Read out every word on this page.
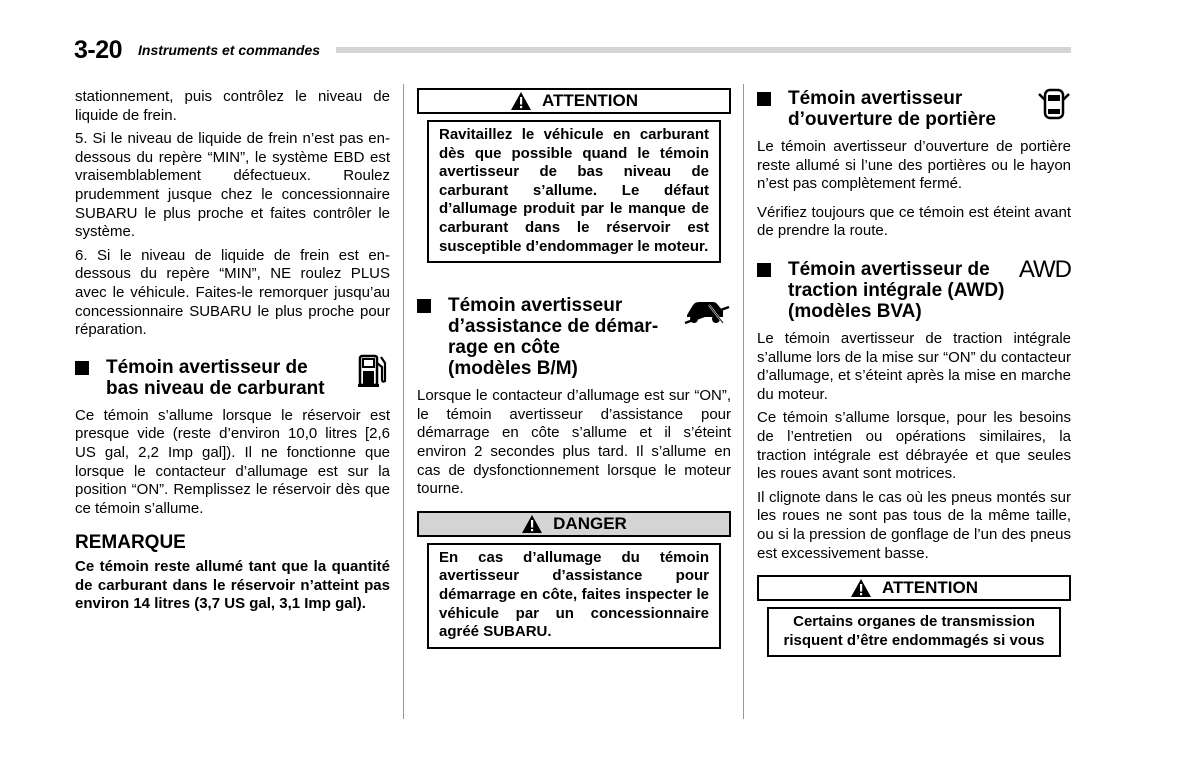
3-20 Instruments et commandes

stationnement, puis contrôlez le niveau de liquide de frein.

5. Si le niveau de liquide de frein n’est pas en-dessous du repère “MIN”, le système EBD est vraisemblablement défectueux. Roulez prudemment jusque chez le concessionnaire SUBARU le plus proche et faites contrôler le système.

6. Si le niveau de liquide de frein est en-dessous du repère “MIN”, NE roulez PLUS avec le véhicule. Faites-le remorquer jusqu’au concessionnaire SUBARU le plus proche pour réparation.

Témoin avertisseur de
bas niveau de carburant

Ce témoin s’allume lorsque le réservoir est presque vide (reste d’environ 10,0 litres [2,6 US gal, 2,2 Imp gal]). Il ne fonctionne que lorsque le contacteur d’allumage est sur la position “ON”. Remplissez le réservoir dès que ce témoin s’allume.

REMARQUE

Ce témoin reste allumé tant que la quantité de carburant dans le réservoir n’atteint pas environ 14 litres (3,7 US gal, 3,1 Imp gal).

ATTENTION
Ravitaillez le véhicule en carburant dès que possible quand le témoin avertisseur de bas niveau de carburant s’allume. Le défaut d’allumage produit par le manque de carburant dans le réservoir est susceptible d’endommager le moteur.
Témoin avertisseur
d’assistance de démar-
rage en côte
(modèles B/M)

Lorsque le contacteur d’allumage est sur “ON”, le témoin avertisseur d’assistance pour démarrage en côte s’allume et il s’éteint environ 2 secondes plus tard. Il s’allume en cas de dysfonctionnement lorsque le moteur tourne.

DANGER
En cas d’allumage du témoin avertisseur d’assistance pour démarrage en côte, faites inspecter le véhicule par un concessionnaire agréé SUBARU.
Témoin avertisseur
d’ouverture de portière

Le témoin avertisseur d’ouverture de portière reste allumé si l’une des portières ou le hayon n’est pas complètement fermé.

Vérifiez toujours que ce témoin est éteint avant de prendre la route.

Témoin avertisseur de
traction intégrale (AWD)
(modèles BVA)
AWD

Le témoin avertisseur de traction intégrale s’allume lors de la mise sur “ON” du contacteur d’allumage, et s’éteint après la mise en marche du moteur.

Ce témoin s’allume lorsque, pour les besoins de l’entretien ou opérations similaires, la traction intégrale est débrayée et que seules les roues avant sont motrices.

Il clignote dans le cas où les pneus montés sur les roues ne sont pas tous de la même taille, ou si la pression de gonflage de l’un des pneus est excessivement basse.

ATTENTION
Certains organes de transmission risquent d’être endommagés si vous
